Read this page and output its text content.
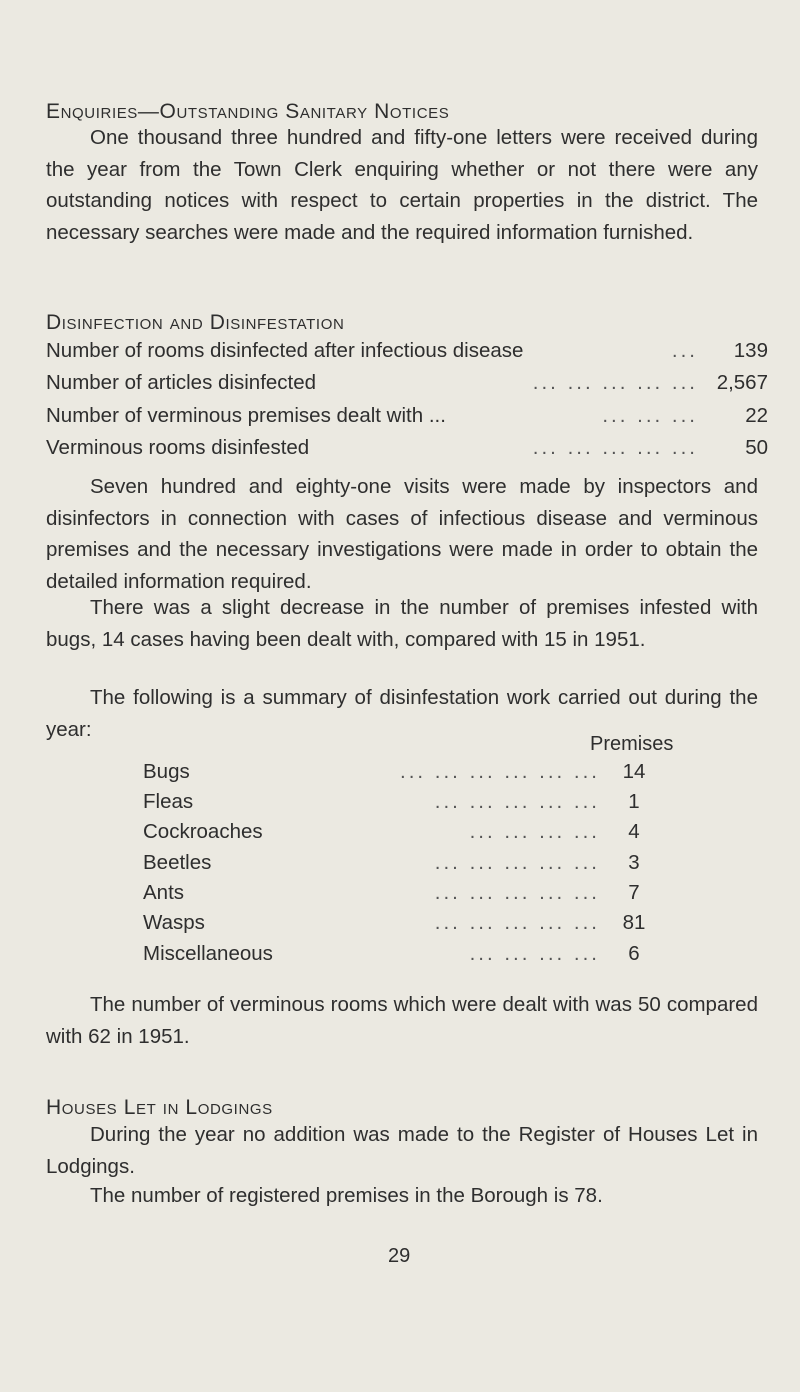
Enquiries—Outstanding Sanitary Notices

One thousand three hundred and fifty-one letters were received during the year from the Town Clerk enquiring whether or not there were any outstanding notices with respect to certain properties in the district. The necessary searches were made and the required information furnished.

Disinfection and Disinfestation
Number of rooms disinfected after infectious disease	...	139
Number of articles disinfected	... ... ... ... ... 2,567
Number of verminous premises dealt with ...	... ... ...	22
Verminous rooms disinfested	... ... ... ... ...	50

Seven hundred and eighty-one visits were made by inspectors and disinfectors in connection with cases of infectious disease and verminous premises and the necessary investigations were made in order to obtain the detailed information required.

There was a slight decrease in the number of premises infested with bugs, 14 cases having been dealt with, compared with 15 in 1951.

The following is a summary of disinfestation work carried out during the year:

Premises
Bugs	... ... ... ... ... ...	14
Fleas	... ... ... ... ...	1
Cockroaches	... ... ... ...	4
Beetles	... ... ... ... ...	3
Ants	... ... ... ... ...	7
Wasps	... ... ... ... ...	81
Miscellaneous	... ... ... ...	6

The number of verminous rooms which were dealt with was 50 compared with 62 in 1951.

Houses Let in Lodgings

During the year no addition was made to the Register of Houses Let in Lodgings.

The number of registered premises in the Borough is 78.

29
